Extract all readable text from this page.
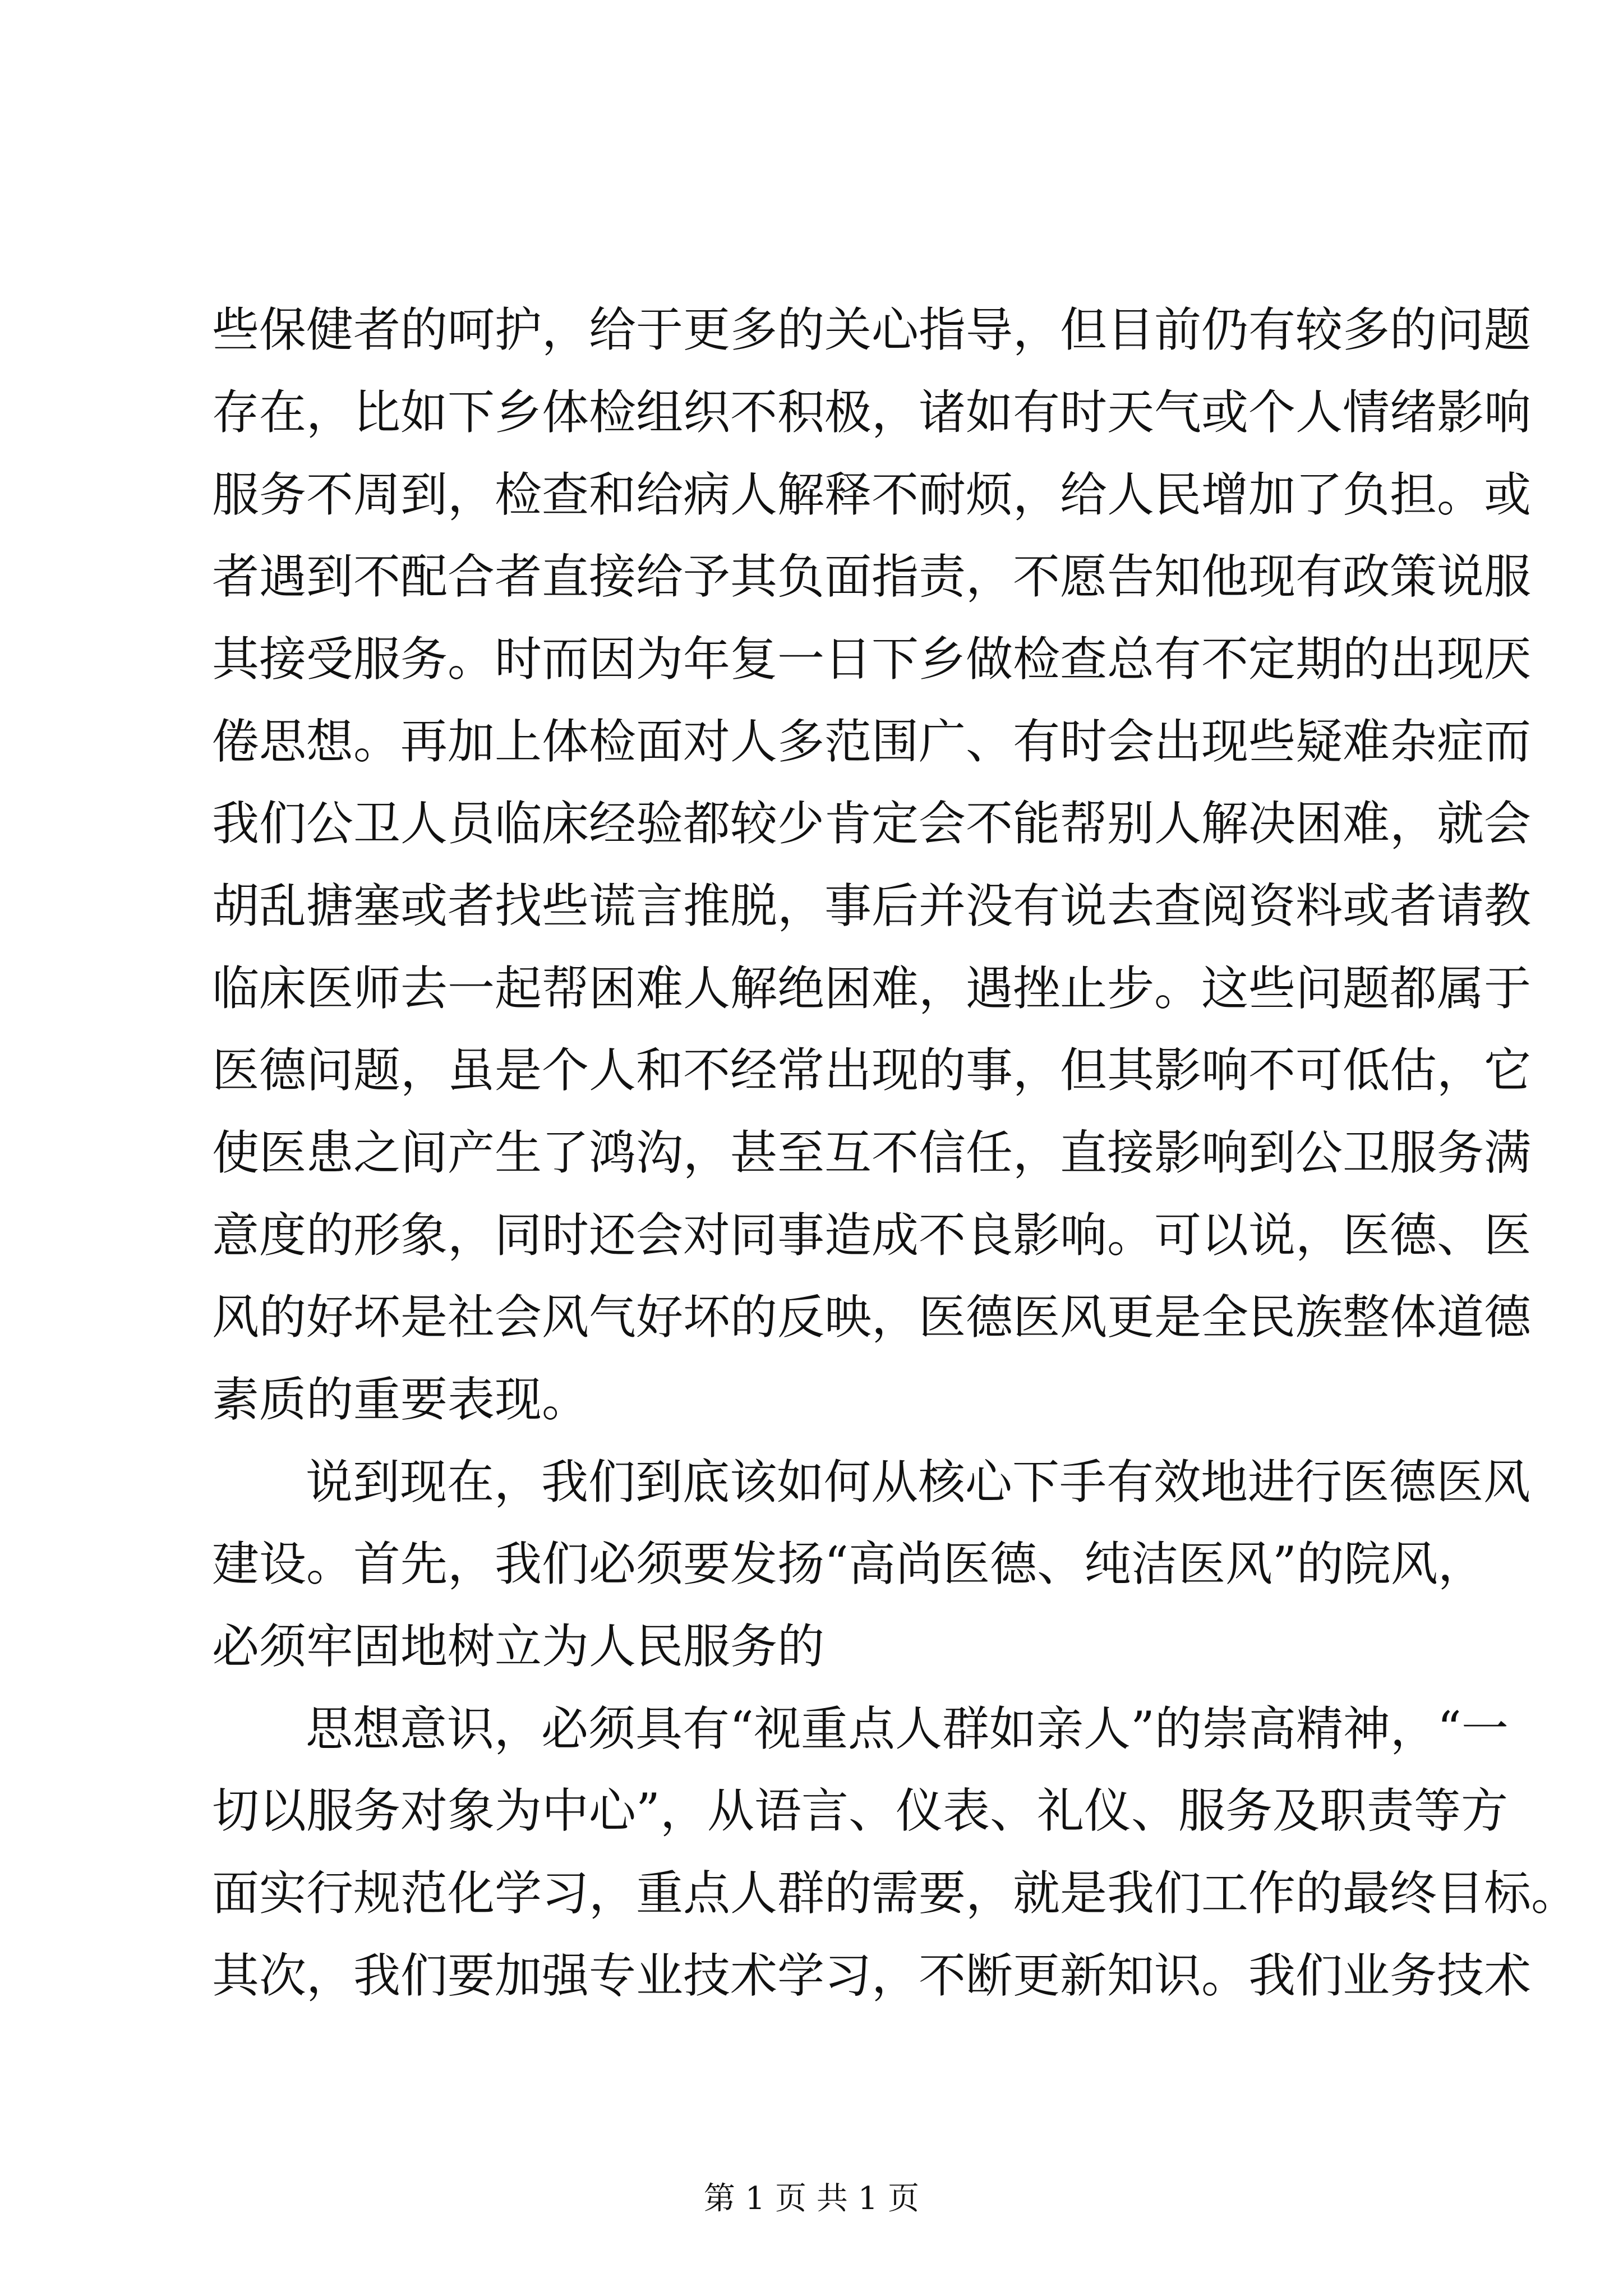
些保健者的呵护，给于更多的关心指导，但目前仍有较多的问题
存在，比如下乡体检组织不积极，诸如有时天气或个人情绪影响
服务不周到，检查和给病人解释不耐烦，给人民增加了负担。或
者遇到不配合者直接给予其负面指责，不愿告知他现有政策说服
其接受服务。时而因为年复一日下乡做检查总有不定期的出现厌
倦思想。再加上体检面对人多范围广、有时会出现些疑难杂症而
我们公卫人员临床经验都较少肯定会不能帮别人解决困难，就会
胡乱搪塞或者找些谎言推脱，事后并没有说去查阅资料或者请教
临床医师去一起帮困难人解绝困难，遇挫止步。这些问题都属于
医德问题，虽是个人和不经常出现的事，但其影响不可低估，它
使医患之间产生了鸿沟，甚至互不信任，直接影响到公卫服务满
意度的形象，同时还会对同事造成不良影响。可以说，医德、医
风的好坏是社会风气好坏的反映，医德医风更是全民族整体道德
素质的重要表现。
说到现在，我们到底该如何从核心下手有效地进行医德医风
建设。首先，我们必须要发扬“高尚医德、纯洁医风”的院风，
必须牢固地树立为人民服务的
思想意识，必须具有“视重点人群如亲人”的崇高精神，“一
切以服务对象为中心”，从语言、仪表、礼仪、服务及职责等方
面实行规范化学习，重点人群的需要，就是我们工作的最终目标。
其次，我们要加强专业技术学习，不断更新知识。我们业务技术
第 1 页 共 1 页
